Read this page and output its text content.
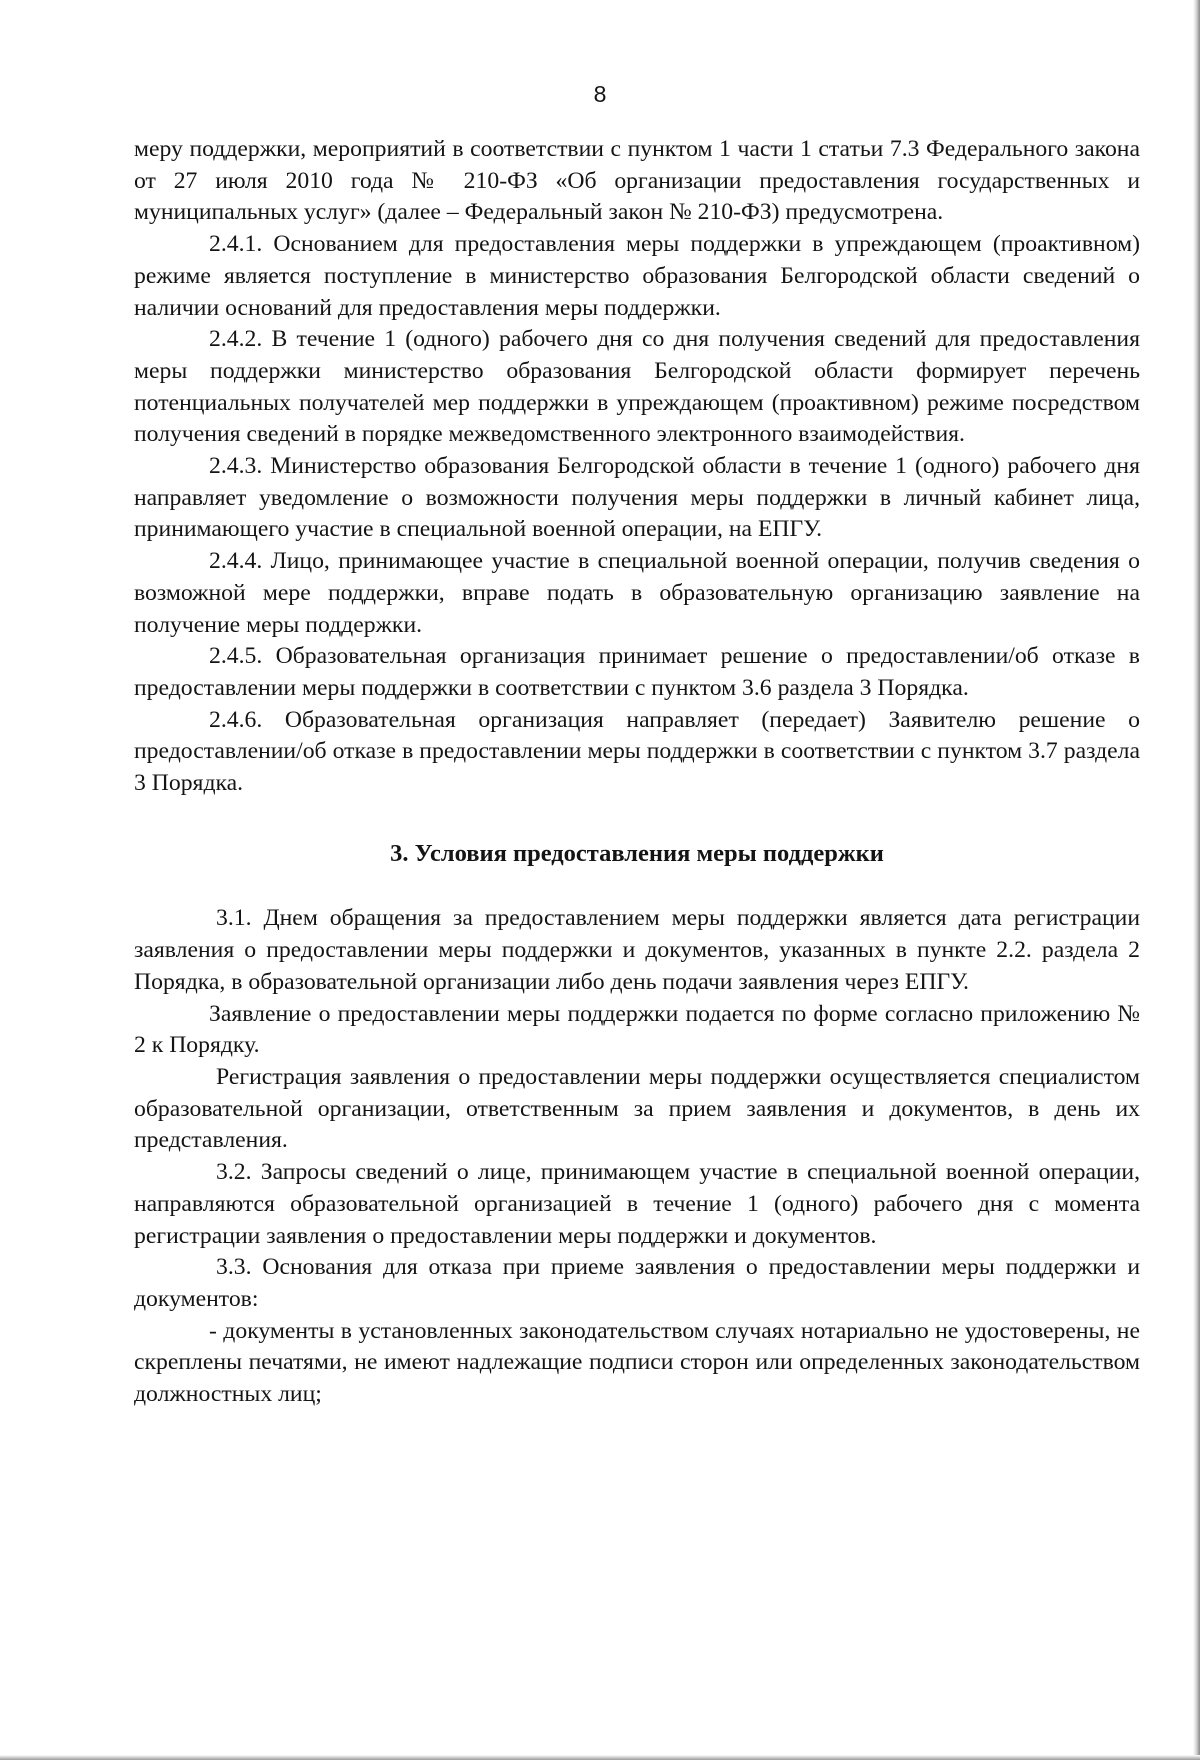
8

меру поддержки, мероприятий в соответствии с пунктом 1 части 1 статьи 7.3 Федерального закона от 27 июля 2010 года № 210-ФЗ «Об организации предоставления государственных и муниципальных услуг» (далее – Федеральный закон № 210-ФЗ) предусмотрена.

2.4.1. Основанием для предоставления меры поддержки в упреждающем (проактивном) режиме является поступление в министерство образования Белгородской области сведений о наличии оснований для предоставления меры поддержки.

2.4.2. В течение 1 (одного) рабочего дня со дня получения сведений для предоставления меры поддержки министерство образования Белгородской области формирует перечень потенциальных получателей мер поддержки в упреждающем (проактивном) режиме посредством получения сведений в порядке межведомственного электронного взаимодействия.

2.4.3. Министерство образования Белгородской области в течение 1 (одного) рабочего дня направляет уведомление о возможности получения меры поддержки в личный кабинет лица, принимающего участие в специальной военной операции, на ЕПГУ.

2.4.4. Лицо, принимающее участие в специальной военной операции, получив сведения о возможной мере поддержки, вправе подать в образовательную организацию заявление на получение меры поддержки.

2.4.5. Образовательная организация принимает решение о предоставлении/об отказе в предоставлении меры поддержки в соответствии с пунктом 3.6 раздела 3 Порядка.

2.4.6. Образовательная организация направляет (передает) Заявителю решение о предоставлении/об отказе в предоставлении меры поддержки в соответствии с пунктом 3.7 раздела 3 Порядка.

3. Условия предоставления меры поддержки

3.1. Днем обращения за предоставлением меры поддержки является дата регистрации заявления о предоставлении меры поддержки и документов, указанных в пункте 2.2. раздела 2 Порядка, в образовательной организации либо день подачи заявления через ЕПГУ.

Заявление о предоставлении меры поддержки подается по форме согласно приложению № 2 к Порядку.

Регистрация заявления о предоставлении меры поддержки осуществляется специалистом образовательной организации, ответственным за прием заявления и документов, в день их представления.

3.2. Запросы сведений о лице, принимающем участие в специальной военной операции, направляются образовательной организацией в течение 1 (одного) рабочего дня с момента регистрации заявления о предоставлении меры поддержки и документов.

3.3. Основания для отказа при приеме заявления о предоставлении меры поддержки и документов:

- документы в установленных законодательством случаях нотариально не удостоверены, не скреплены печатями, не имеют надлежащие подписи сторон или определенных законодательством должностных лиц;
